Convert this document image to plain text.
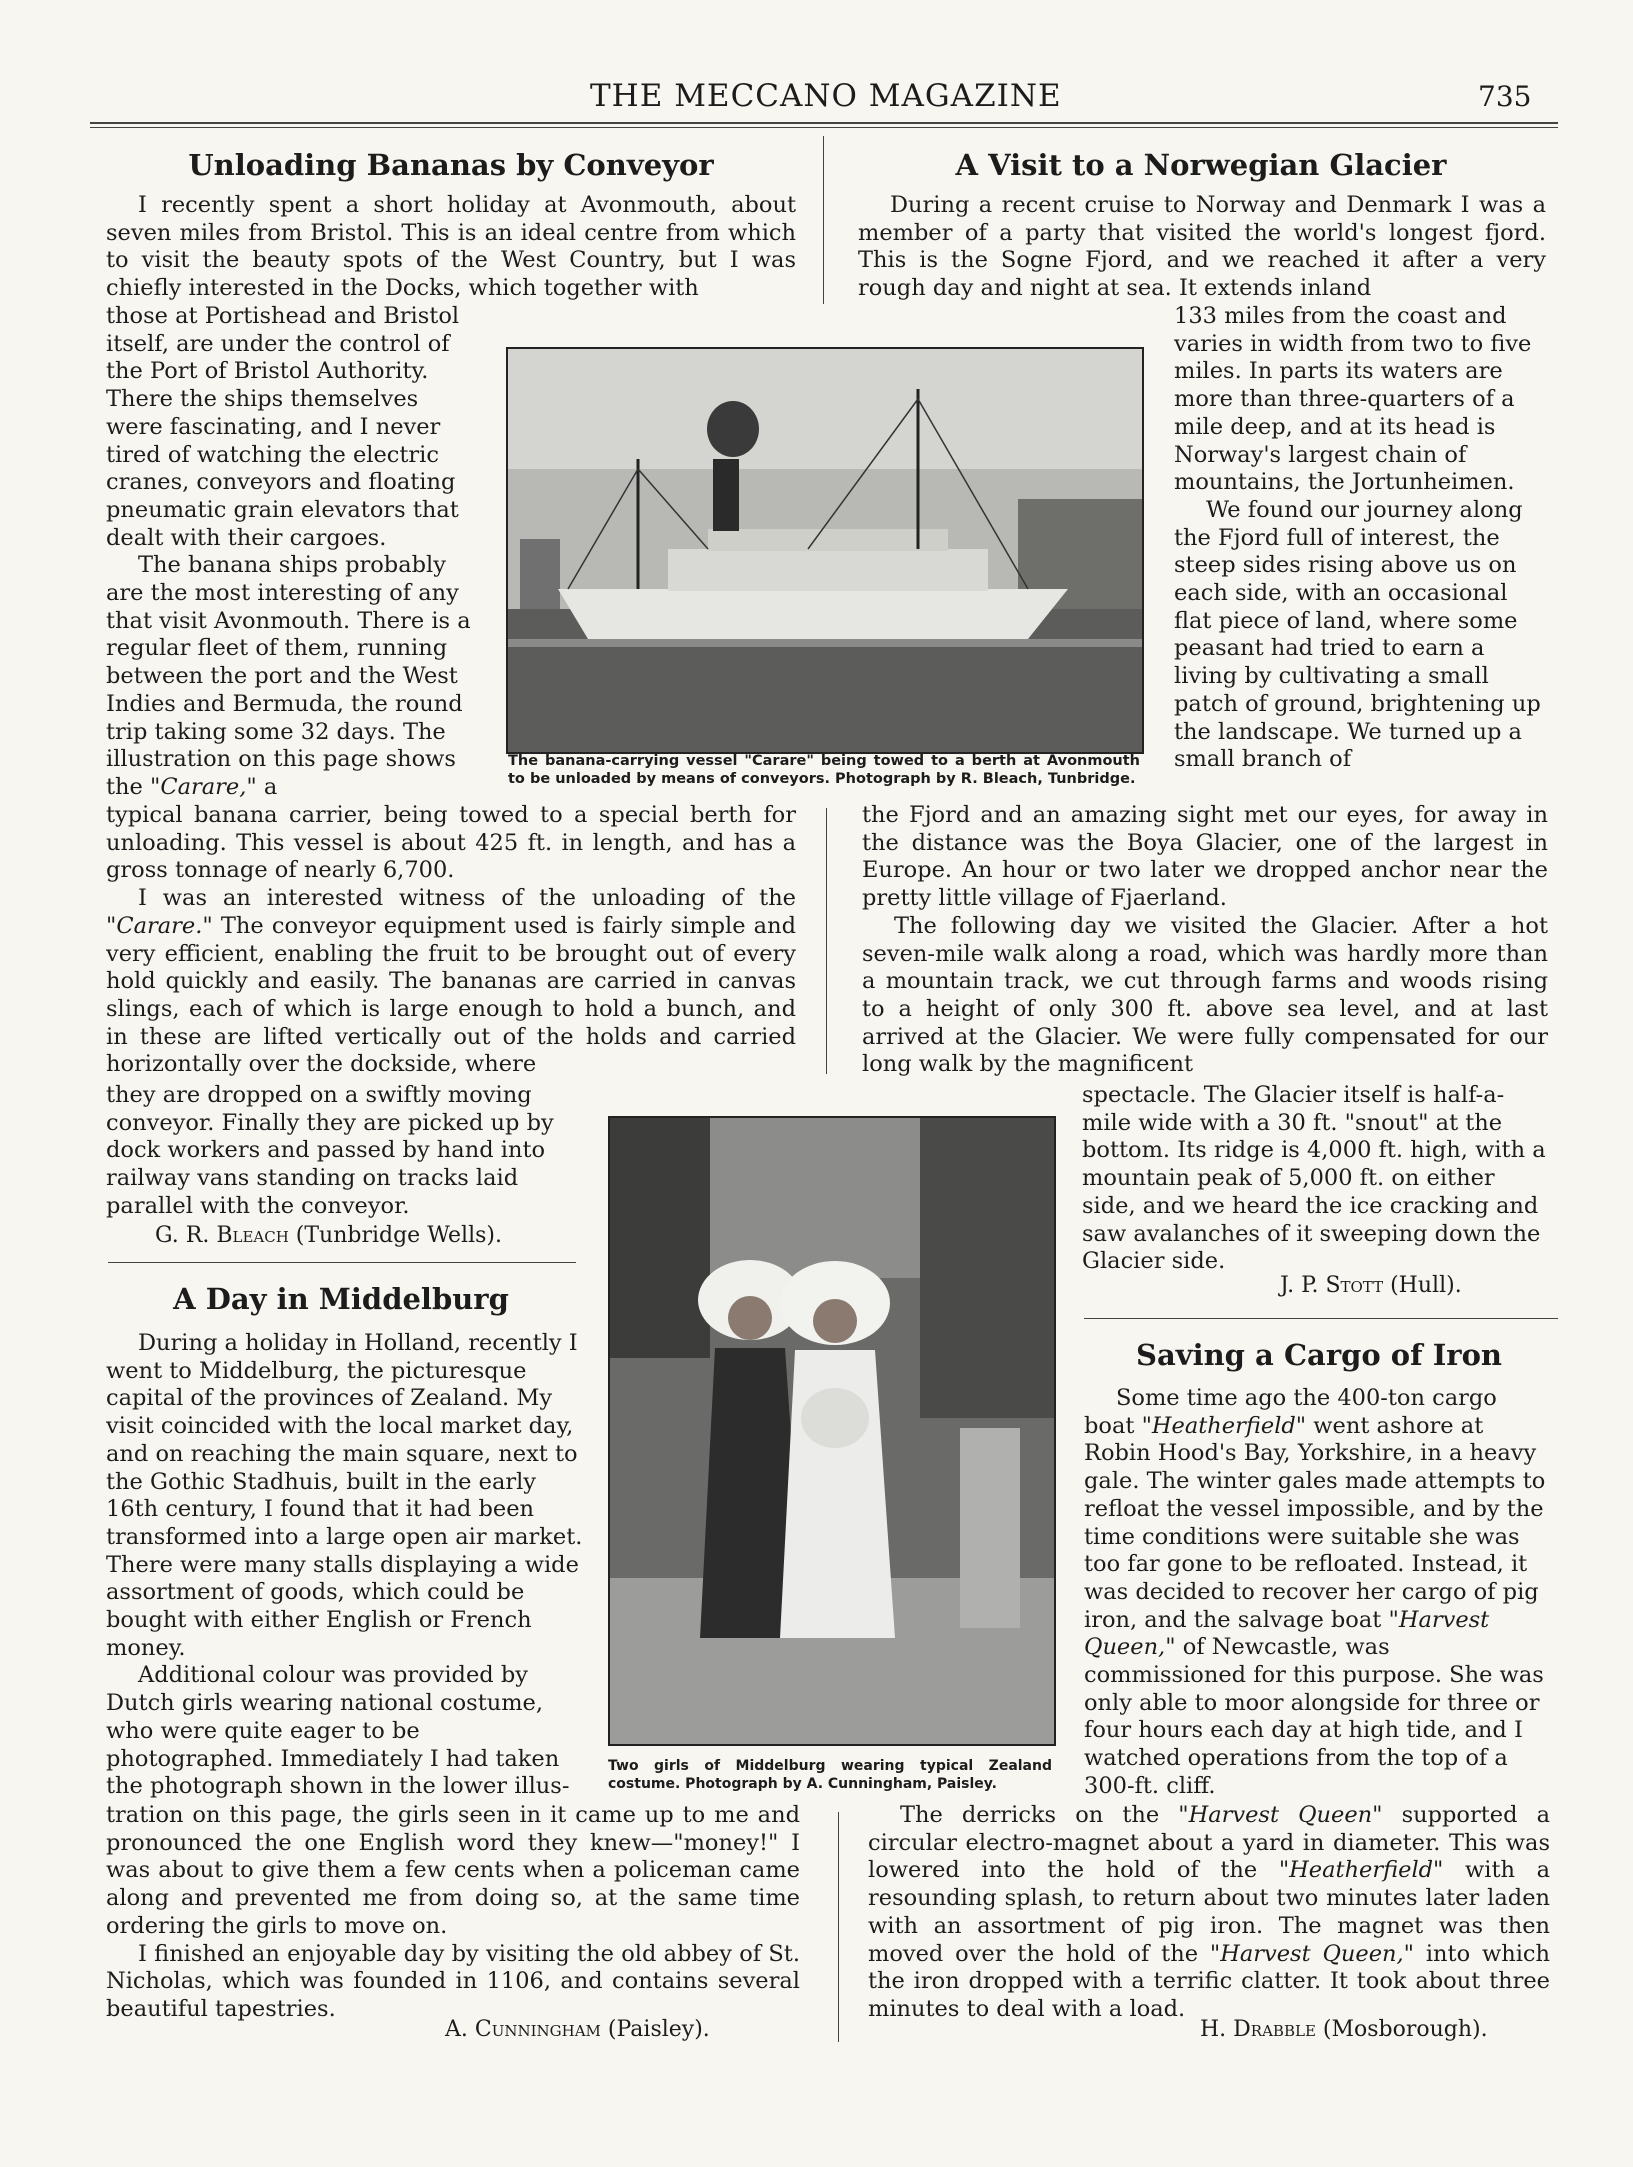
THE MECCANO MAGAZINE	735
Unloading Bananas by Conveyor

I recently spent a short holiday at Avonmouth, about seven miles from Bristol. This is an ideal centre from which to visit the beauty spots of the West Country, but I was chiefly interested in the Docks, which together with

those at Portishead and Bristol itself, are under the control of the Port of Bristol Authority. There the ships themselves were fascinating, and I never tired of watching the electric cranes, conveyors and floating pneumatic grain elevators that dealt with their cargoes.

The banana ships probably are the most interesting of any that visit Avonmouth. There is a regular fleet of them, running between the port and the West Indies and Bermuda, the round trip taking some 32 days. The illustration on this page shows the "Carare," a

typical banana carrier, being towed to a special berth for unloading. This vessel is about 425 ft. in length, and has a gross tonnage of nearly 6,700.

I was an interested witness of the unloading of the "Carare." The conveyor equipment used is fairly simple and very efficient, enabling the fruit to be brought out of every hold quickly and easily. The bananas are carried in canvas slings, each of which is large enough to hold a bunch, and in these are lifted vertically out of the holds and carried horizontally over the dockside, where

they are dropped on a swiftly moving conveyor. Finally they are picked up by dock workers and passed by hand into railway vans standing on tracks laid parallel with the conveyor.

G. R. Bleach (Tunbridge Wells).
The banana-carrying vessel "Carare" being towed to a berth at Avonmouth to be unloaded by means of conveyors. Photograph by R. Bleach, Tunbridge.
A Day in Middelburg

During a holiday in Holland, recently I went to Middelburg, the picturesque capital of the provinces of Zealand. My visit coincided with the local market day, and on reaching the main square, next to the Gothic Stadhuis, built in the early 16th century, I found that it had been transformed into a large open air market. There were many stalls displaying a wide assortment of goods, which could be bought with either English or French money.

Additional colour was provided by Dutch girls wearing national costume, who were quite eager to be photographed. Immediately I had taken the photograph shown in the lower illus-

tration on this page, the girls seen in it came up to me and pronounced the one English word they knew—"money!" I was about to give them a few cents when a policeman came along and prevented me from doing so, at the same time ordering the girls to move on.

I finished an enjoyable day by visiting the old abbey of St. Nicholas, which was founded in 1106, and contains several beautiful tapestries.

A. Cunningham (Paisley).
Two girls of Middelburg wearing typical Zealand costume. Photograph by A. Cunningham, Paisley.
A Visit to a Norwegian Glacier

During a recent cruise to Norway and Denmark I was a member of a party that visited the world's longest fjord. This is the Sogne Fjord, and we reached it after a very rough day and night at sea. It extends inland

133 miles from the coast and varies in width from two to five miles. In parts its waters are more than three-quarters of a mile deep, and at its head is Norway's largest chain of mountains, the Jortunheimen.

We found our journey along the Fjord full of interest, the steep sides rising above us on each side, with an occasional flat piece of land, where some peasant had tried to earn a living by cultivating a small patch of ground, brightening up the landscape. We turned up a small branch of

the Fjord and an amazing sight met our eyes, for away in the distance was the Boya Glacier, one of the largest in Europe. An hour or two later we dropped anchor near the pretty little village of Fjaerland.

The following day we visited the Glacier. After a hot seven-mile walk along a road, which was hardly more than a mountain track, we cut through farms and woods rising to a height of only 300 ft. above sea level, and at last arrived at the Glacier. We were fully compensated for our long walk by the magnificent

spectacle. The Glacier itself is half-a-mile wide with a 30 ft. "snout" at the bottom. Its ridge is 4,000 ft. high, with a mountain peak of 5,000 ft. on either side, and we heard the ice cracking and saw avalanches of it sweeping down the Glacier side.

J. P. Stott (Hull).
Saving a Cargo of Iron

Some time ago the 400-ton cargo boat "Heatherfield" went ashore at Robin Hood's Bay, Yorkshire, in a heavy gale. The winter gales made attempts to refloat the vessel impossible, and by the time conditions were suitable she was too far gone to be refloated. Instead, it was decided to recover her cargo of pig iron, and the salvage boat "Harvest Queen," of Newcastle, was commissioned for this purpose. She was only able to moor alongside for three or four hours each day at high tide, and I watched operations from the top of a 300-ft. cliff.

The derricks on the "Harvest Queen" supported a circular electro-magnet about a yard in diameter. This was lowered into the hold of the "Heatherfield" with a resounding splash, to return about two minutes later laden with an assortment of pig iron. The magnet was then moved over the hold of the "Harvest Queen," into which the iron dropped with a terrific clatter. It took about three minutes to deal with a load.

H. Drabble (Mosborough).
